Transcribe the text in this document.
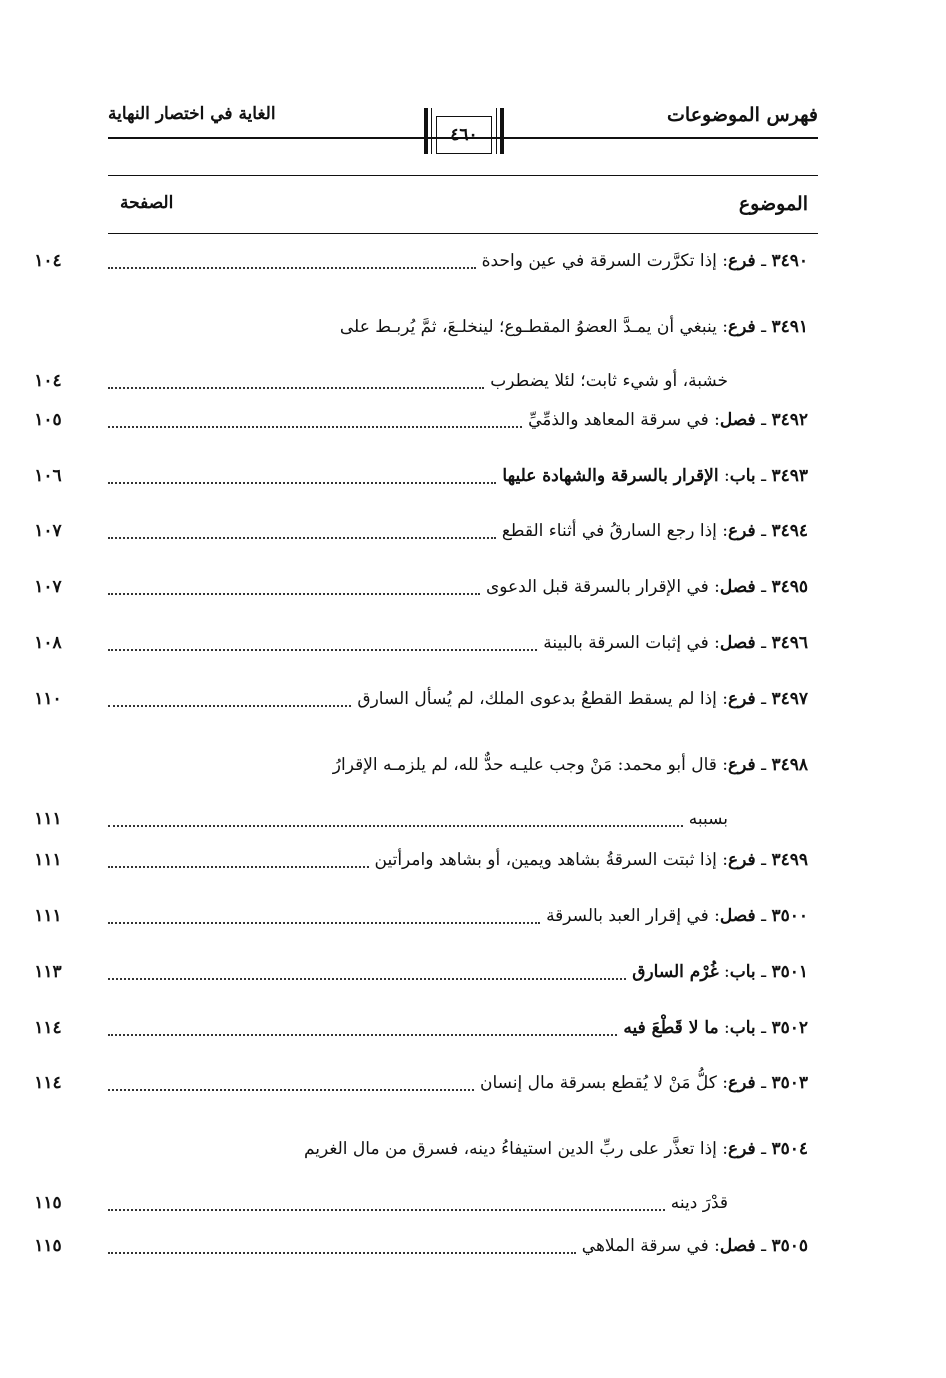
فهرس الموضوعات
الغاية في اختصار النهاية
٤٦٠
الموضوع
الصفحة
٣٤٩٠ ـ فرع: إذا تكرَّرت السرقة في عين واحدة
١٠٤
٣٤٩١ ـ فرع: ينبغي أن يمـدَّ العضوُ المقطـوع؛ لينخلـعَ، ثمَّ يُربـط على
خشبة، أو شيء ثابت؛ لئلا يضطرب
١٠٤
٣٤٩٢ ـ فصل: في سرقة المعاهد والذمِّيِّ
١٠٥
٣٤٩٣ ـ باب: الإقرار بالسرقة والشهادة عليها
١٠٦
٣٤٩٤ ـ فرع: إذا رجع السارقُ في أثناء القطع
١٠٧
٣٤٩٥ ـ فصل: في الإقرار بالسرقة قبل الدعوى
١٠٧
٣٤٩٦ ـ فصل: في إثبات السرقة بالبينة
١٠٨
٣٤٩٧ ـ فرع: إذا لم يسقط القطعُ بدعوى الملك، لم يُسأل السارق
١١٠
٣٤٩٨ ـ فرع: قال أبو محمد: مَنْ وجب عليـه حدٌّ لله، لم يلزمـه الإقرارُ
بسببه
١١١
٣٤٩٩ ـ فرع: إذا ثبتت السرقةُ بشاهد ويمين، أو بشاهد وامرأتين
١١١
٣٥٠٠ ـ فصل: في إقرار العبد بالسرقة
١١١
٣٥٠١ ـ باب: غُرْم السارق
١١٣
٣٥٠٢ ـ باب: ما لا قَطْعَ فيه
١١٤
٣٥٠٣ ـ فرع: كلُّ مَنْ لا يُقطع بسرقة مال إنسان
١١٤
٣٥٠٤ ـ فرع: إذا تعذَّر على ربِّ الدين استيفاءُ دينه، فسرق من مال الغريم
قدْرَ دينه
١١٥
٣٥٠٥ ـ فصل: في سرقة الملاهي
١١٥
